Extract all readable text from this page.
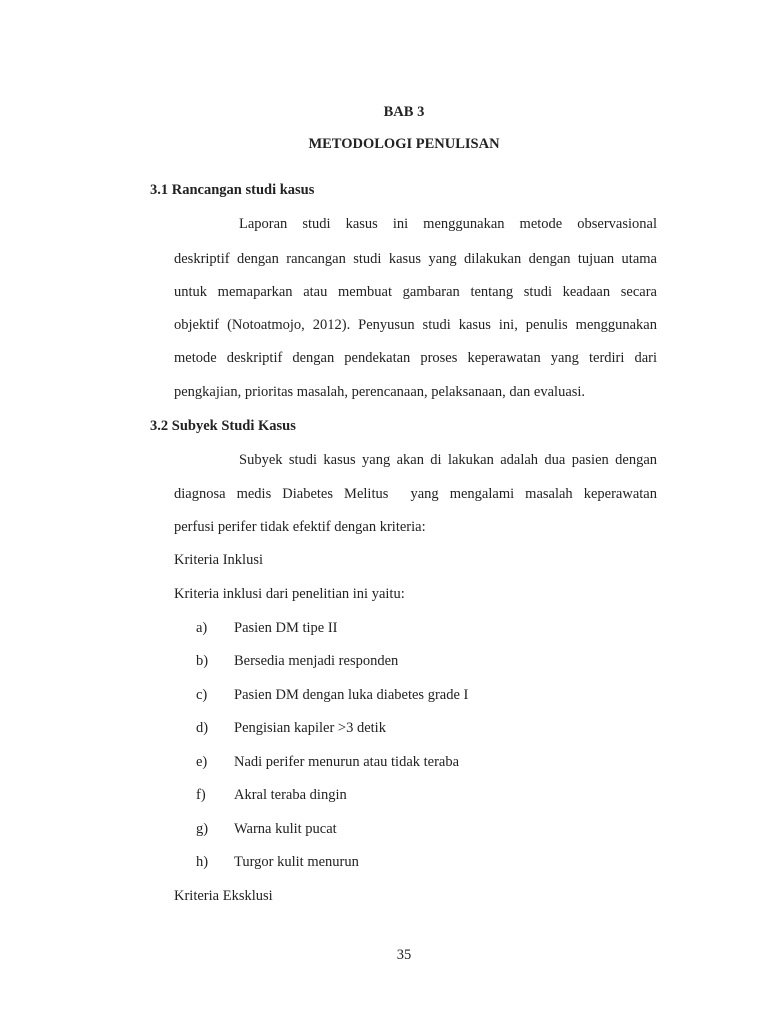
BAB 3
METODOLOGI PENULISAN
3.1 Rancangan studi kasus
Laporan studi kasus ini menggunakan metode observasional
deskriptif dengan rancangan studi kasus yang dilakukan dengan tujuan utama
untuk memaparkan atau membuat gambaran tentang studi keadaan secara
objektif (Notoatmojo, 2012). Penyusun studi kasus ini, penulis menggunakan
metode deskriptif dengan pendekatan proses keperawatan yang terdiri dari
pengkajian, prioritas masalah, perencanaan, pelaksanaan, dan evaluasi.
3.2 Subyek Studi Kasus
Subyek studi kasus yang akan di lakukan adalah dua pasien dengan
diagnosa medis Diabetes Melitus  yang mengalami masalah keperawatan
perfusi perifer tidak efektif dengan kriteria:
Kriteria Inklusi
Kriteria inklusi dari penelitian ini yaitu:
a) Pasien DM tipe II
b) Bersedia menjadi responden
c) Pasien DM dengan luka diabetes grade I
d) Pengisian kapiler >3 detik
e) Nadi perifer menurun atau tidak teraba
f) Akral teraba dingin
g) Warna kulit pucat
h) Turgor kulit menurun
Kriteria Eksklusi
35
